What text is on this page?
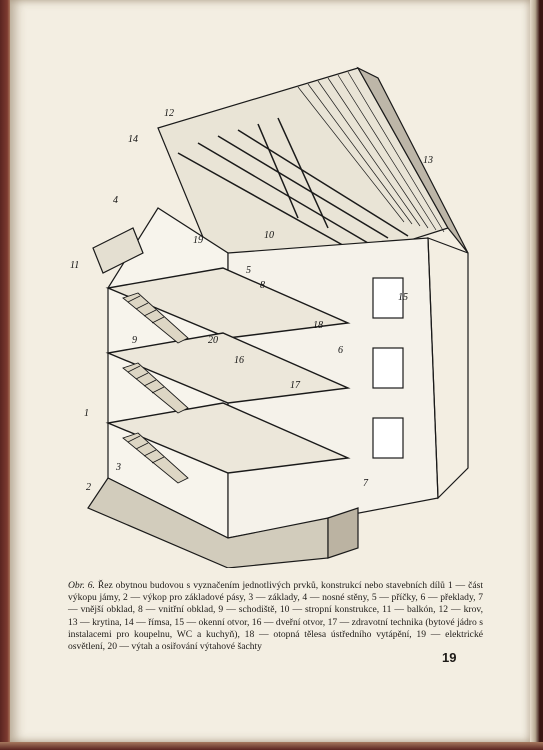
1
2
3
4
5
6
7
8
9
10
11
12
13
14
15
16
17
18
19
20
Obr. 6. Řez obytnou budovou s vyznačením jednotlivých prvků, konstrukcí nebo stavebních dílů 1 — část výkopu jámy, 2 — výkop pro základové pásy, 3 — základy, 4 — nosné stěny, 5 — příčky, 6 — překlady, 7 — vnější obklad, 8 — vnitřní obklad, 9 — schodiště, 10 — stropní konstrukce, 11 — balkón, 12 — krov, 13 — krytina, 14 — římsa, 15 — okenní otvor, 16 — dveřní otvor, 17 — zdravotní technika (bytové jádro s instalacemi pro koupelnu, WC a kuchyň), 18 — otopná tělesa ústředního vytápění, 19 — elektrické osvětlení, 20 — výtah a osiřování výtahové šachty
19
